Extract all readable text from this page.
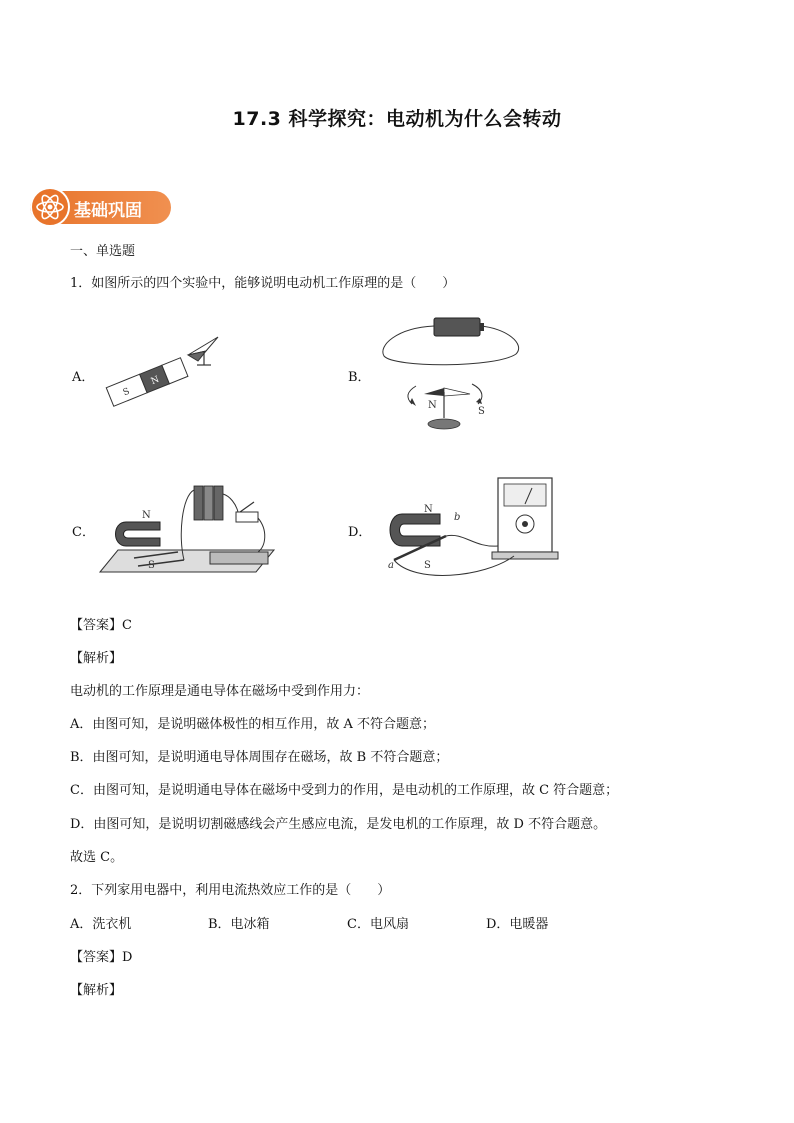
17.3 科学探究：电动机为什么会转动
基础巩固
一、单选题
1．如图所示的四个实验中，能够说明电动机工作原理的是（　　）
A．	B．
C．	D．
S
N
N
S
N
S
N
S
a
b
【答案】C
【解析】
电动机的工作原理是通电导体在磁场中受到作用力：
A．由图可知，是说明磁体极性的相互作用，故 A 不符合题意；
B．由图可知，是说明通电导体周围存在磁场，故 B 不符合题意；
C．由图可知，是说明通电导体在磁场中受到力的作用，是电动机的工作原理，故 C 符合题意；
D．由图可知，是说明切割磁感线会产生感应电流，是发电机的工作原理，故 D 不符合题意。
故选 C。
2．下列家用电器中，利用电流热效应工作的是（　　）
A．洗衣机	B．电冰箱	C．电风扇	D．电暖器
【答案】D
【解析】
